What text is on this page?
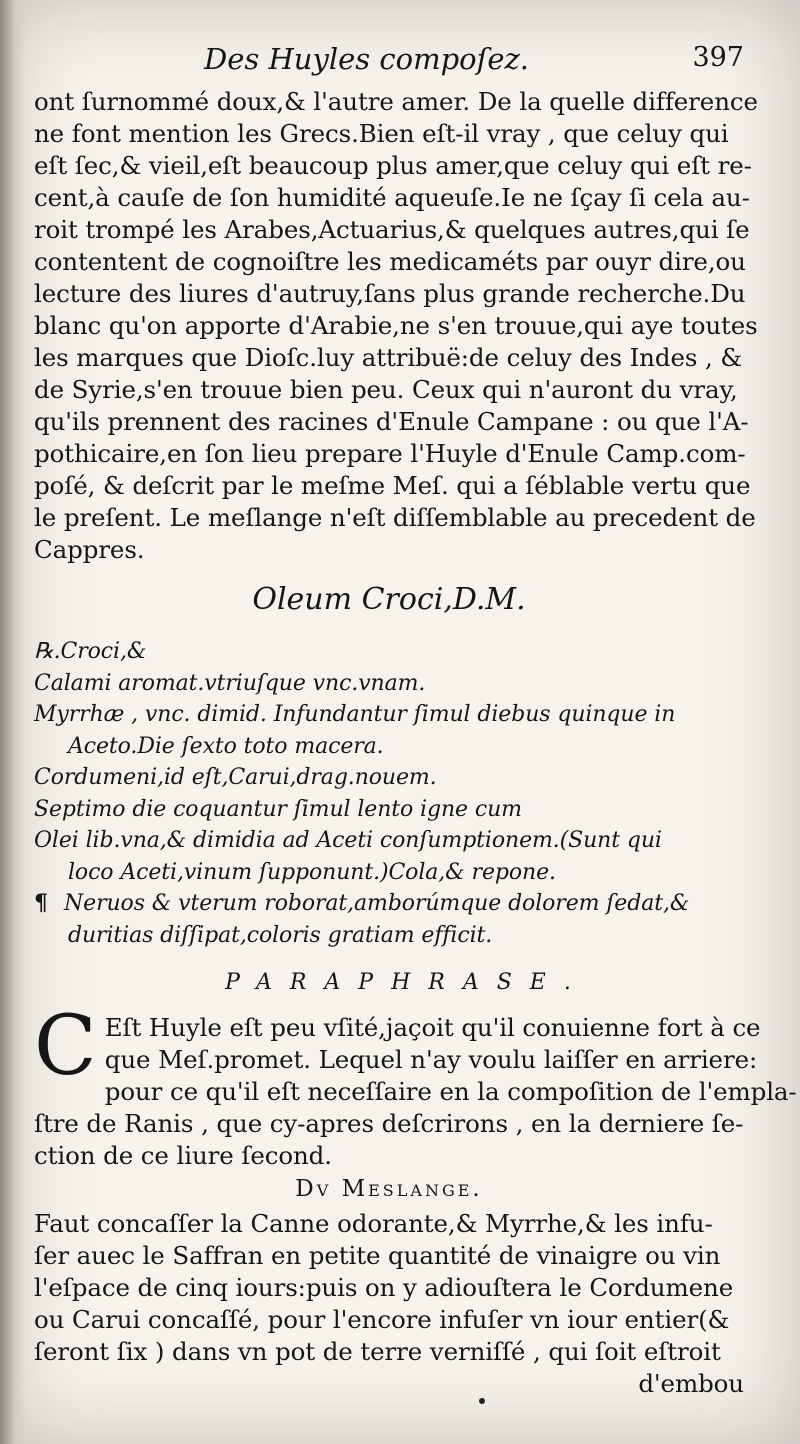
Des Huyles compoſez.	397
ont ſurnommé doux,& l'autre amer. De la quelle difference
ne font mention les Grecs.Bien eſt-il vray , que celuy qui
eſt ſec,& vieil,eſt beaucoup plus amer,que celuy qui eſt re-
cent,à cauſe de ſon humidité aqueuſe.Ie ne ſçay ſi cela au-
roit trompé les Arabes,Actuarius,& quelques autres,qui ſe
contentent de cognoiſtre les medicaméts par ouyr dire,ou
lecture des liures d'autruy,ſans plus grande recherche.Du
blanc qu'on apporte d'Arabie,ne s'en trouue,qui aye toutes
les marques que Dioſc.luy attribuë:de celuy des Indes , &
de Syrie,s'en trouue bien peu. Ceux qui n'auront du vray,
qu'ils prennent des racines d'Enule Campane : ou que l'A-
pothicaire,en ſon lieu prepare l'Huyle d'Enule Camp.com-
poſé, & deſcrit par le meſme Meſ. qui a ſéblable vertu que
le preſent. Le meſlange n'eſt diſſemblable au precedent de
Cappres.
Oleum Croci,D.M.
℞.Croci,&
Calami aromat.vtriuſque vnc.vnam.
Myrrhæ , vnc. dimid. Infundantur ſimul diebus quinque in
Aceto.Die ſexto toto macera.
Cordumeni,id eſt,Carui,drag.nouem.
Septimo die coquantur ſimul lento igne cum
Olei lib.vna,& dimidia ad Aceti conſumptionem.(Sunt qui
loco Aceti,vinum ſupponunt.)Cola,& repone.
¶ Neruos & vterum roborat,amborúmque dolorem ſedat,&
duritias diſſipat,coloris gratiam efficit.
PARAPHRASE.
C Eſt Huyle eſt peu vſité,jaçoit qu'il conuienne fort à ce
que Meſ.promet. Lequel n'ay voulu laiſſer en arriere:
pour ce qu'il eſt neceſſaire en la compoſition de l'empla-
ſtre de Ranis , que cy-apres deſcrirons , en la derniere ſe-
ction de ce liure ſecond.
Dv Meslange.
Faut concaſſer la Canne odorante,& Myrrhe,& les infu-
ſer auec le Saffran en petite quantité de vinaigre ou vin
l'eſpace de cinq iours:puis on y adiouſtera le Cordumene
ou Carui concaſſé, pour l'encore infuſer vn iour entier(&
ſeront ſix ) dans vn pot de terre verniſſé , qui ſoit eſtroit
d'embou
